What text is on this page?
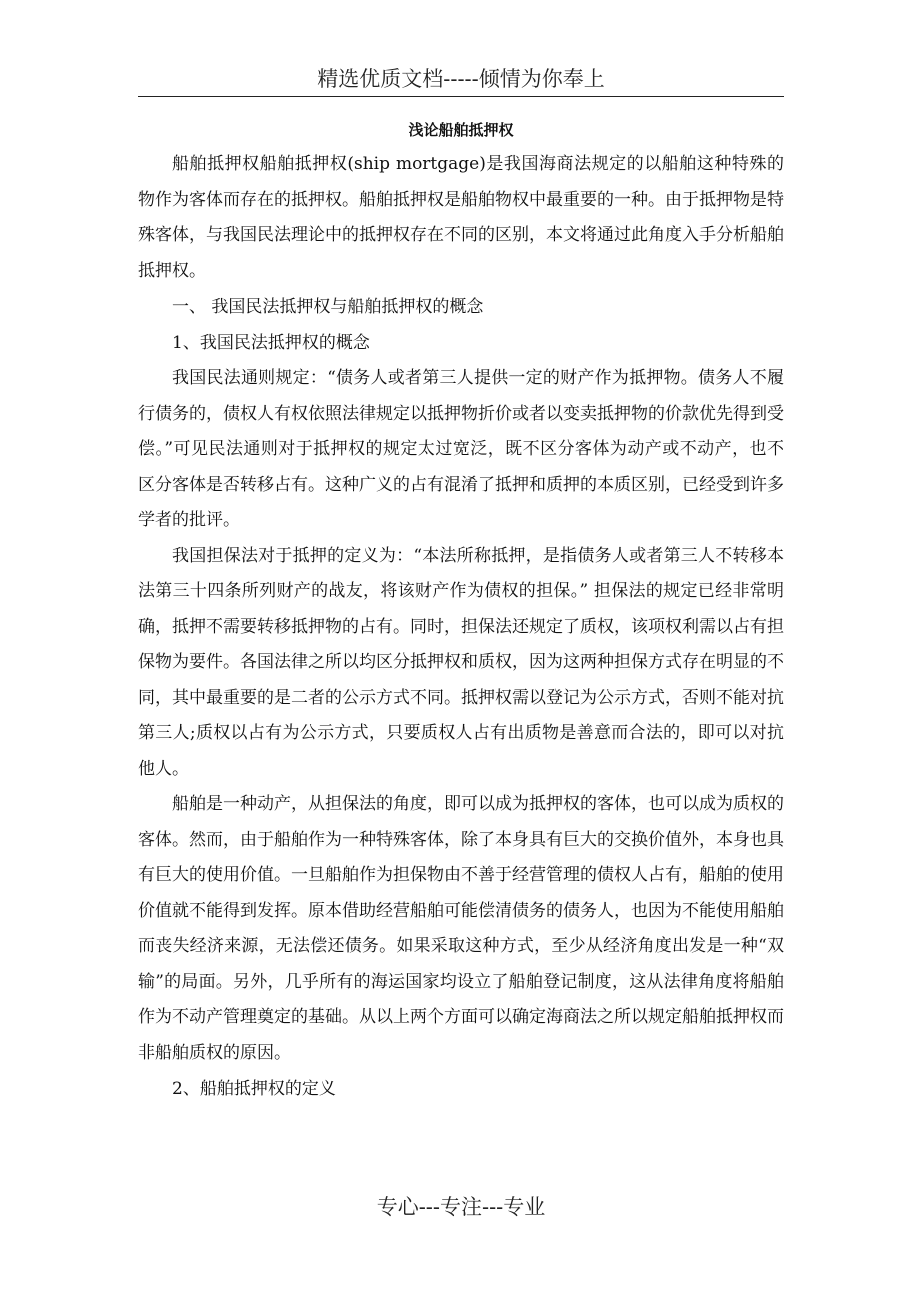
精选优质文档-----倾情为你奉上
浅论船舶抵押权

船舶抵押权船舶抵押权(ship mortgage)是我国海商法规定的以船舶这种特殊的物作为客体而存在的抵押权。船舶抵押权是船舶物权中最重要的一种。由于抵押物是特殊客体，与我国民法理论中的抵押权存在不同的区别，本文将通过此角度入手分析船舶抵押权。

一、 我国民法抵押权与船舶抵押权的概念

1、我国民法抵押权的概念

我国民法通则规定：“债务人或者第三人提供一定的财产作为抵押物。债务人不履行债务的，债权人有权依照法律规定以抵押物折价或者以变卖抵押物的价款优先得到受偿。”可见民法通则对于抵押权的规定太过宽泛，既不区分客体为动产或不动产，也不区分客体是否转移占有。这种广义的占有混淆了抵押和质押的本质区别，已经受到许多学者的批评。

我国担保法对于抵押的定义为：“本法所称抵押，是指债务人或者第三人不转移本法第三十四条所列财产的战友，将该财产作为债权的担保。” 担保法的规定已经非常明确，抵押不需要转移抵押物的占有。同时，担保法还规定了质权，该项权利需以占有担保物为要件。各国法律之所以均区分抵押权和质权，因为这两种担保方式存在明显的不同，其中最重要的是二者的公示方式不同。抵押权需以登记为公示方式，否则不能对抗第三人;质权以占有为公示方式，只要质权人占有出质物是善意而合法的，即可以对抗他人。

船舶是一种动产，从担保法的角度，即可以成为抵押权的客体，也可以成为质权的客体。然而，由于船舶作为一种特殊客体，除了本身具有巨大的交换价值外，本身也具有巨大的使用价值。一旦船舶作为担保物由不善于经营管理的债权人占有，船舶的使用价值就不能得到发挥。原本借助经营船舶可能偿清债务的债务人，也因为不能使用船舶而丧失经济来源，无法偿还债务。如果采取这种方式，至少从经济角度出发是一种“双输”的局面。另外，几乎所有的海运国家均设立了船舶登记制度，这从法律角度将船舶作为不动产管理奠定的基础。从以上两个方面可以确定海商法之所以规定船舶抵押权而非船舶质权的原因。

2、船舶抵押权的定义

专心---专注---专业
